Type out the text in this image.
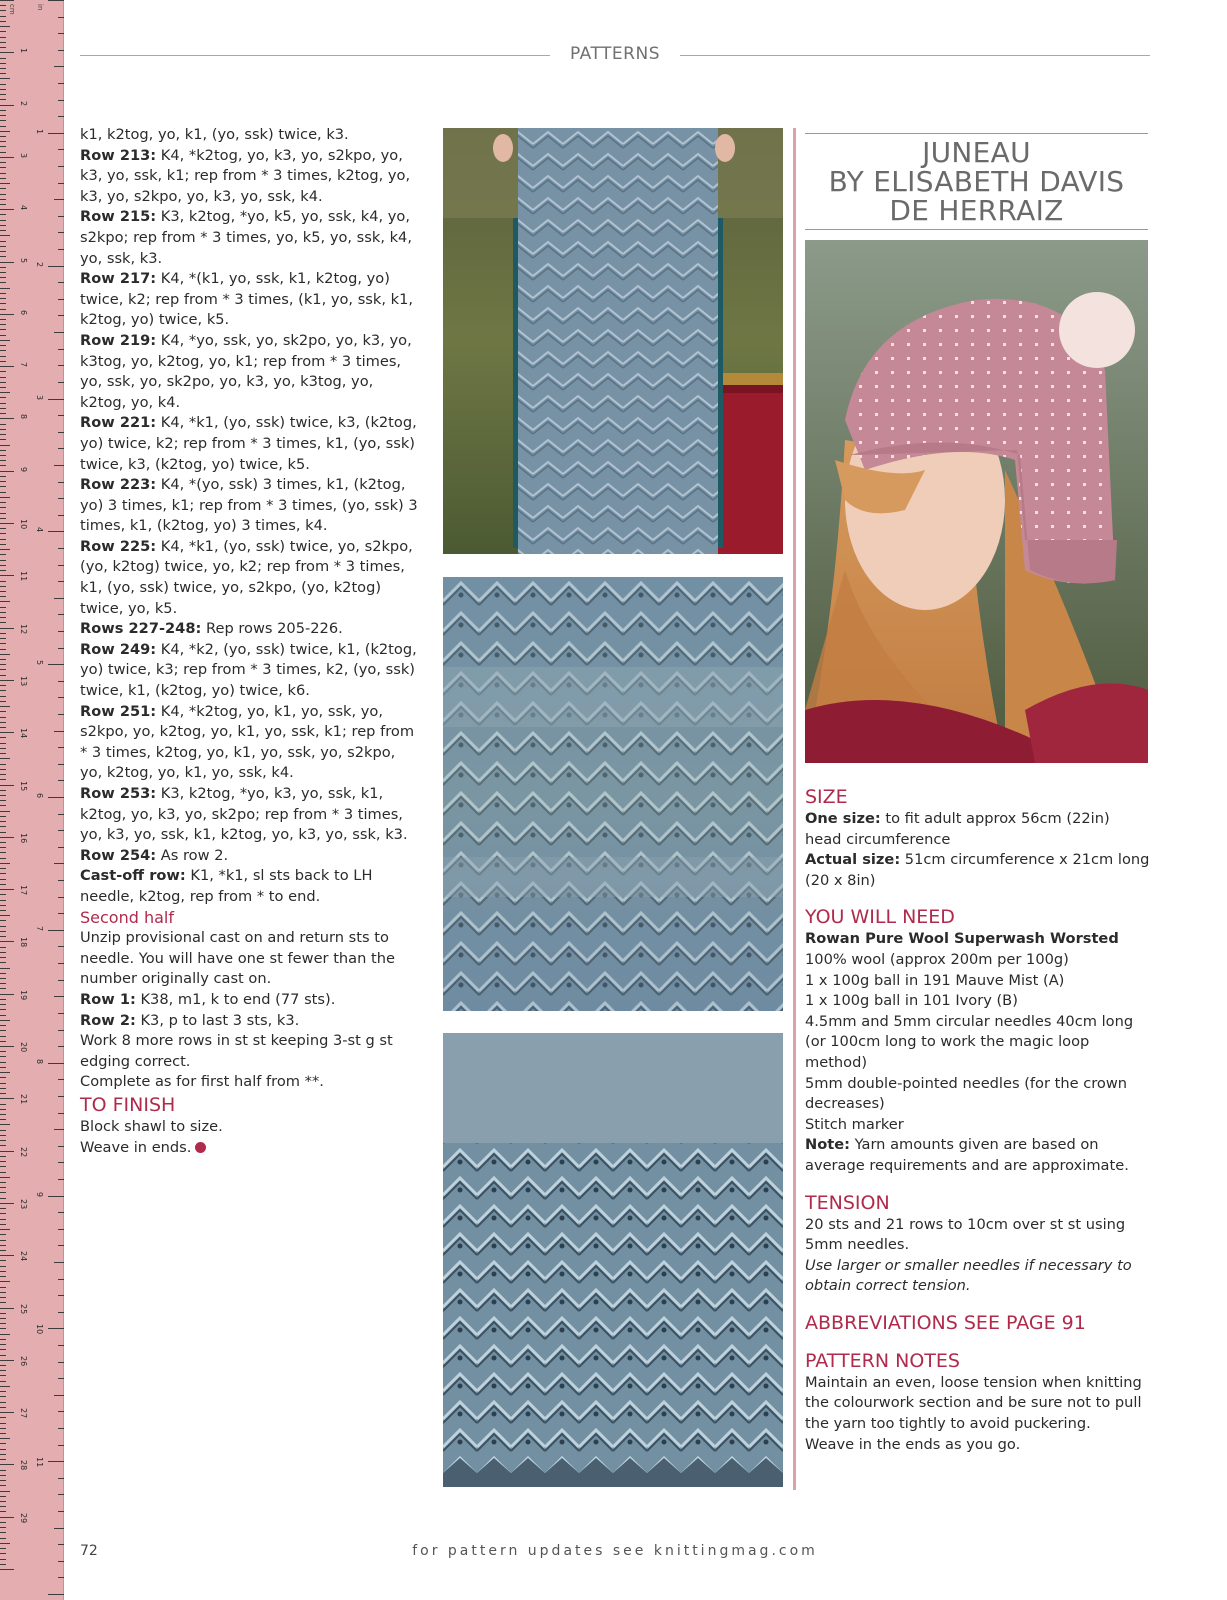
1
2
3
4
5
6
7
8
9
10
11
12
13
14
15
16
17
18
19
20
21
22
23
24
25
26
27
28
29
1
2
3
4
5
6
7
8
9
10
11
cm	in
PATTERNS

k1, k2tog, yo, k1, (yo, ssk) twice, k3.

Row 213: K4, *k2tog, yo, k3, yo, s2kpo, yo, k3, yo, ssk, k1; rep from * 3 times, k2tog, yo, k3, yo, s2kpo, yo, k3, yo, ssk, k4.

Row 215: K3, k2tog, *yo, k5, yo, ssk, k4, yo, s2kpo; rep from * 3 times, yo, k5, yo, ssk, k4, yo, ssk, k3.

Row 217: K4, *(k1, yo, ssk, k1, k2tog, yo) twice, k2; rep from * 3 times, (k1, yo, ssk, k1, k2tog, yo) twice, k5.

Row 219: K4, *yo, ssk, yo, sk2po, yo, k3, yo, k3tog, yo, k2tog, yo, k1; rep from * 3 times, yo, ssk, yo, sk2po, yo, k3, yo, k3tog, yo, k2tog, yo, k4.

Row 221: K4, *k1, (yo, ssk) twice, k3, (k2tog, yo) twice, k2; rep from * 3 times, k1, (yo, ssk) twice, k3, (k2tog, yo) twice, k5.

Row 223: K4, *(yo, ssk) 3 times, k1, (k2tog, yo) 3 times, k1; rep from * 3 times, (yo, ssk) 3 times, k1, (k2tog, yo) 3 times, k4.

Row 225: K4, *k1, (yo, ssk) twice, yo, s2kpo, (yo, k2tog) twice, yo, k2; rep from * 3 times, k1, (yo, ssk) twice, yo, s2kpo, (yo, k2tog) twice, yo, k5.

Rows 227-248: Rep rows 205-226.

Row 249: K4, *k2, (yo, ssk) twice, k1, (k2tog, yo) twice, k3; rep from * 3 times, k2, (yo, ssk) twice, k1, (k2tog, yo) twice, k6.

Row 251: K4, *k2tog, yo, k1, yo, ssk, yo, s2kpo, yo, k2tog, yo, k1, yo, ssk, k1; rep from * 3 times, k2tog, yo, k1, yo, ssk, yo, s2kpo, yo, k2tog, yo, k1, yo, ssk, k4.

Row 253: K3, k2tog, *yo, k3, yo, ssk, k1, k2tog, yo, k3, yo, sk2po; rep from * 3 times, yo, k3, yo, ssk, k1, k2tog, yo, k3, yo, ssk, k3.

Row 254: As row 2.

Cast-off row: K1, *k1, sl sts back to LH needle, k2tog, rep from * to end.

Second half

Unzip provisional cast on and return sts to needle. You will have one st fewer than the number originally cast on.

Row 1: K38, m1, k to end (77 sts).

Row 2: K3, p to last 3 sts, k3.

Work 8 more rows in st st keeping 3-st g st edging correct.

Complete as for first half from **.

TO FINISH

Block shawl to size.

Weave in ends.

JUNEAU
BY ELISABETH DAVIS
DE HERRAIZ

SIZE

One size: to fit adult approx 56cm (22in) head circumference

Actual size: 51cm circumference x 21cm long (20 x 8in)

YOU WILL NEED

Rowan Pure Wool Superwash Worsted

100% wool (approx 200m per 100g)

1 x 100g ball in 191 Mauve Mist (A)

1 x 100g ball in 101 Ivory (B)

4.5mm and 5mm circular needles 40cm long (or 100cm long to work the magic loop method)

5mm double-pointed needles (for the crown decreases)

Stitch marker

Note: Yarn amounts given are based on average requirements and are approximate.

TENSION

20 sts and 21 rows to 10cm over st st using 5mm needles.

Use larger or smaller needles if necessary to obtain correct tension.

ABBREVIATIONS SEE PAGE 91

PATTERN NOTES

Maintain an even, loose tension when knitting the colourwork section and be sure not to pull the yarn too tightly to avoid puckering.

Weave in the ends as you go.

72	for pattern updates see knittingmag.com
